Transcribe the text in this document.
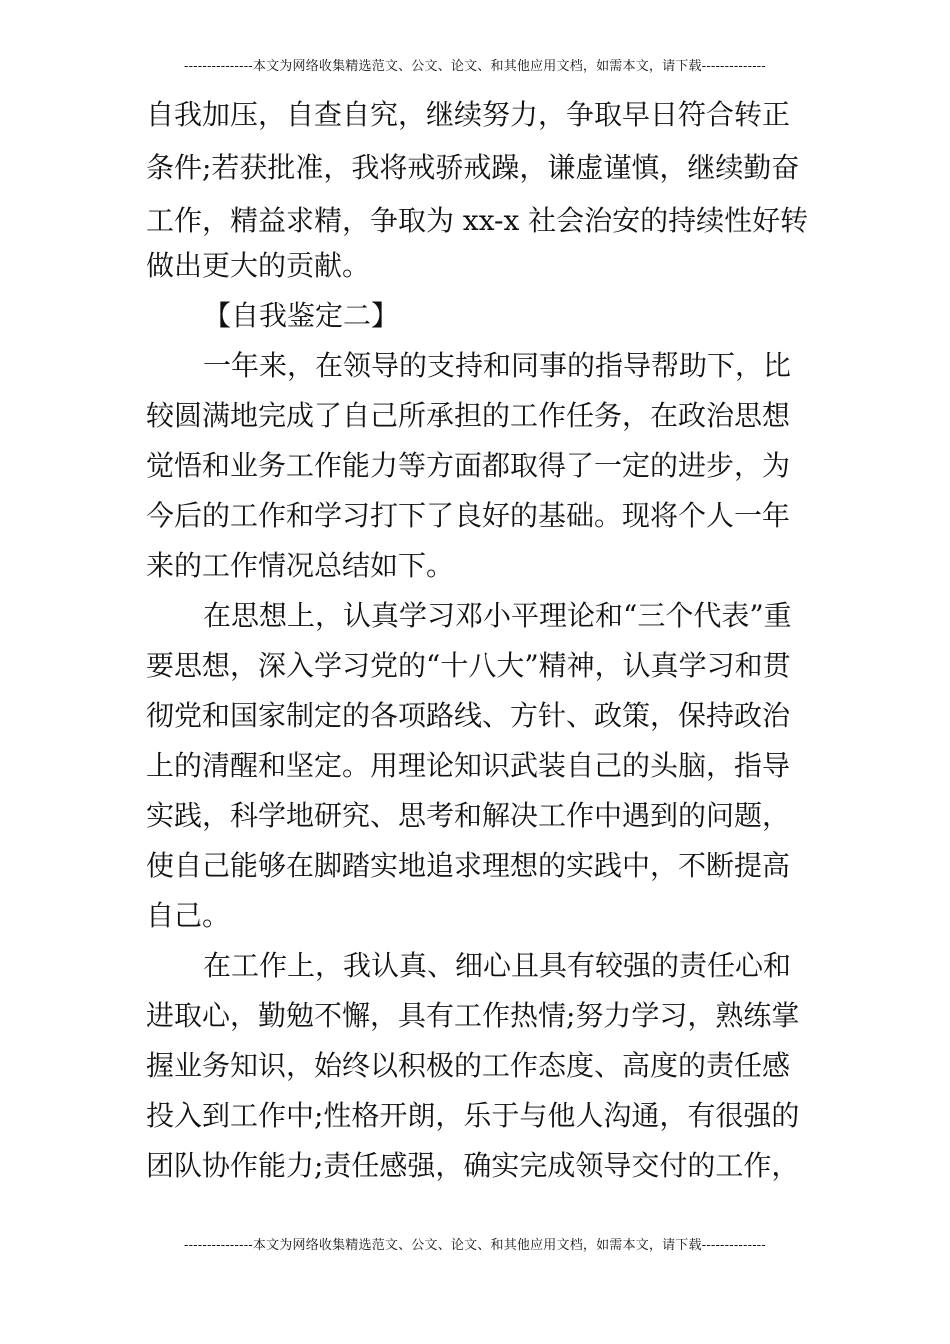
---------------本文为网络收集精选范文、公文、论文、和其他应用文档，如需本文，请下载--------------
自我加压，自查自究，继续努力，争取早日符合转正
条件;若获批准，我将戒骄戒躁，谦虚谨慎，继续勤奋
工作，精益求精，争取为 xx-x 社会治安的持续性好转
做出更大的贡献。
【自我鉴定二】
一年来，在领导的支持和同事的指导帮助下，比
较圆满地完成了自己所承担的工作任务，在政治思想
觉悟和业务工作能力等方面都取得了一定的进步，为
今后的工作和学习打下了良好的基础。现将个人一年
来的工作情况总结如下。
在思想上，认真学习邓小平理论和“三个代表”重
要思想，深入学习党的“十八大”精神，认真学习和贯
彻党和国家制定的各项路线、方针、政策，保持政治
上的清醒和坚定。用理论知识武装自己的头脑，指导
实践，科学地研究、思考和解决工作中遇到的问题，
使自己能够在脚踏实地追求理想的实践中，不断提高
自己。
在工作上，我认真、细心且具有较强的责任心和
进取心，勤勉不懈，具有工作热情;努力学习，熟练掌
握业务知识，始终以积极的工作态度、高度的责任感
投入到工作中;性格开朗，乐于与他人沟通，有很强的
团队协作能力;责任感强，确实完成领导交付的工作，
---------------本文为网络收集精选范文、公文、论文、和其他应用文档，如需本文，请下载--------------
